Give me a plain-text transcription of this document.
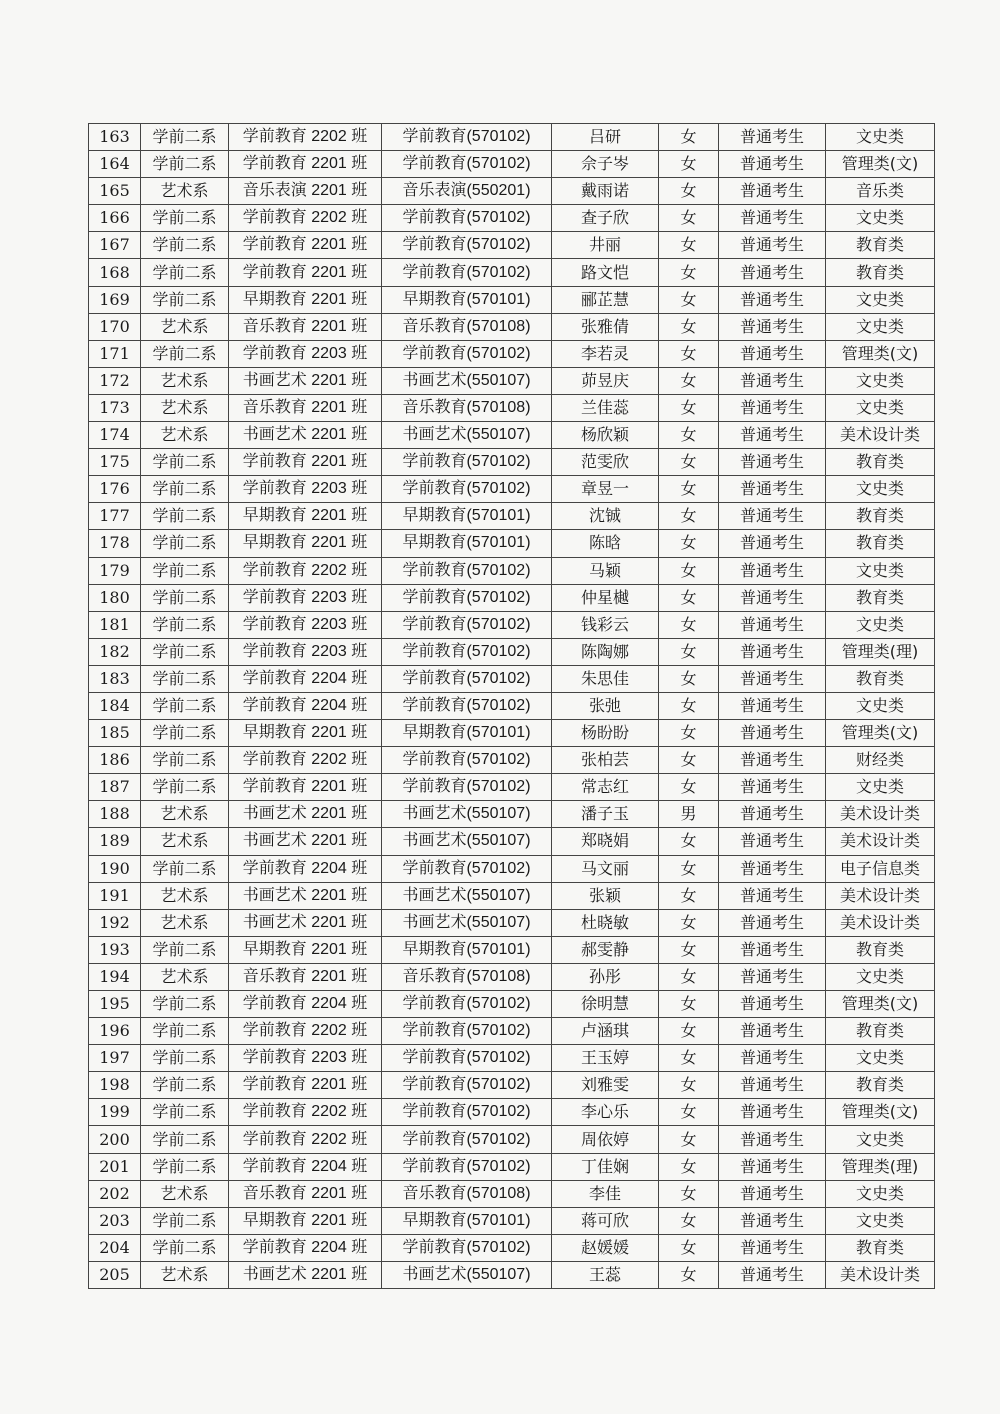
163	学前二系	学前教育 2202 班	学前教育(570102)	吕研	女	普通考生	文史类
164	学前二系	学前教育 2201 班	学前教育(570102)	佘子岑	女	普通考生	管理类(文)
165	艺术系	音乐表演 2201 班	音乐表演(550201)	戴雨诺	女	普通考生	音乐类
166	学前二系	学前教育 2202 班	学前教育(570102)	查子欣	女	普通考生	文史类
167	学前二系	学前教育 2201 班	学前教育(570102)	井丽	女	普通考生	教育类
168	学前二系	学前教育 2201 班	学前教育(570102)	路文恺	女	普通考生	教育类
169	学前二系	早期教育 2201 班	早期教育(570101)	郦芷慧	女	普通考生	文史类
170	艺术系	音乐教育 2201 班	音乐教育(570108)	张雅倩	女	普通考生	文史类
171	学前二系	学前教育 2203 班	学前教育(570102)	李若灵	女	普通考生	管理类(文)
172	艺术系	书画艺术 2201 班	书画艺术(550107)	茆昱庆	女	普通考生	文史类
173	艺术系	音乐教育 2201 班	音乐教育(570108)	兰佳蕊	女	普通考生	文史类
174	艺术系	书画艺术 2201 班	书画艺术(550107)	杨欣颖	女	普通考生	美术设计类
175	学前二系	学前教育 2201 班	学前教育(570102)	范雯欣	女	普通考生	教育类
176	学前二系	学前教育 2203 班	学前教育(570102)	章昱一	女	普通考生	文史类
177	学前二系	早期教育 2201 班	早期教育(570101)	沈铖	女	普通考生	教育类
178	学前二系	早期教育 2201 班	早期教育(570101)	陈晗	女	普通考生	教育类
179	学前二系	学前教育 2202 班	学前教育(570102)	马颖	女	普通考生	文史类
180	学前二系	学前教育 2203 班	学前教育(570102)	仲星樾	女	普通考生	教育类
181	学前二系	学前教育 2203 班	学前教育(570102)	钱彩云	女	普通考生	文史类
182	学前二系	学前教育 2203 班	学前教育(570102)	陈陶娜	女	普通考生	管理类(理)
183	学前二系	学前教育 2204 班	学前教育(570102)	朱思佳	女	普通考生	教育类
184	学前二系	学前教育 2204 班	学前教育(570102)	张弛	女	普通考生	文史类
185	学前二系	早期教育 2201 班	早期教育(570101)	杨盼盼	女	普通考生	管理类(文)
186	学前二系	学前教育 2202 班	学前教育(570102)	张柏芸	女	普通考生	财经类
187	学前二系	学前教育 2201 班	学前教育(570102)	常志红	女	普通考生	文史类
188	艺术系	书画艺术 2201 班	书画艺术(550107)	潘子玉	男	普通考生	美术设计类
189	艺术系	书画艺术 2201 班	书画艺术(550107)	郑晓娟	女	普通考生	美术设计类
190	学前二系	学前教育 2204 班	学前教育(570102)	马文丽	女	普通考生	电子信息类
191	艺术系	书画艺术 2201 班	书画艺术(550107)	张颖	女	普通考生	美术设计类
192	艺术系	书画艺术 2201 班	书画艺术(550107)	杜晓敏	女	普通考生	美术设计类
193	学前二系	早期教育 2201 班	早期教育(570101)	郝雯静	女	普通考生	教育类
194	艺术系	音乐教育 2201 班	音乐教育(570108)	孙彤	女	普通考生	文史类
195	学前二系	学前教育 2204 班	学前教育(570102)	徐明慧	女	普通考生	管理类(文)
196	学前二系	学前教育 2202 班	学前教育(570102)	卢涵琪	女	普通考生	教育类
197	学前二系	学前教育 2203 班	学前教育(570102)	王玉婷	女	普通考生	文史类
198	学前二系	学前教育 2201 班	学前教育(570102)	刘雅雯	女	普通考生	教育类
199	学前二系	学前教育 2202 班	学前教育(570102)	李心乐	女	普通考生	管理类(文)
200	学前二系	学前教育 2202 班	学前教育(570102)	周依婷	女	普通考生	文史类
201	学前二系	学前教育 2204 班	学前教育(570102)	丁佳娴	女	普通考生	管理类(理)
202	艺术系	音乐教育 2201 班	音乐教育(570108)	李佳	女	普通考生	文史类
203	学前二系	早期教育 2201 班	早期教育(570101)	蒋可欣	女	普通考生	文史类
204	学前二系	学前教育 2204 班	学前教育(570102)	赵媛媛	女	普通考生	教育类
205	艺术系	书画艺术 2201 班	书画艺术(550107)	王蕊	女	普通考生	美术设计类
